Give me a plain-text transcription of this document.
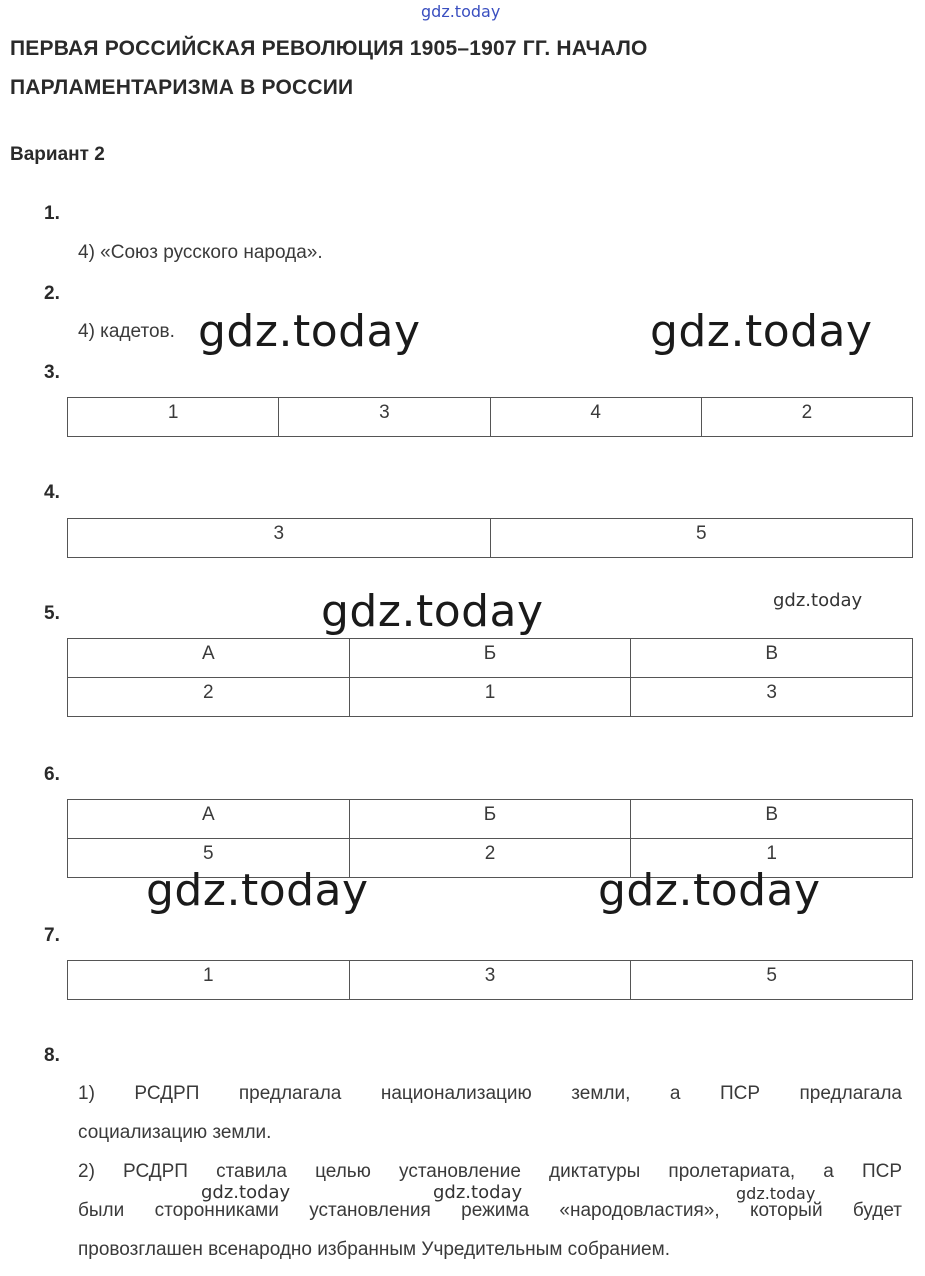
gdz.today
ПЕРВАЯ РОССИЙСКАЯ РЕВОЛЮЦИЯ 1905–1907 ГГ. НАЧАЛО
ПАРЛАМЕНТАРИЗМА В РОССИИ
Вариант 2
1.
4) «Союз русского народа».
2.
4) кадетов.
3.
1	3	4	2
4.
3	5
5.
А	Б	В
2	1	3
6.
А	Б	В
5	2	1
7.
1	3	5
8.
1) РСДРП предлагала национализацию земли, а ПСР предлагала
социализацию земли.
2) РСДРП ставила целью установление диктатуры пролетариата, а ПСР
были сторонниками установления режима «народовластия», который будет
провозглашен всенародно избранным Учредительным собранием.
gdz.today	gdz.today
gdz.today	gdz.today
gdz.today	gdz.today
gdz.today	gdz.today	gdz.today
